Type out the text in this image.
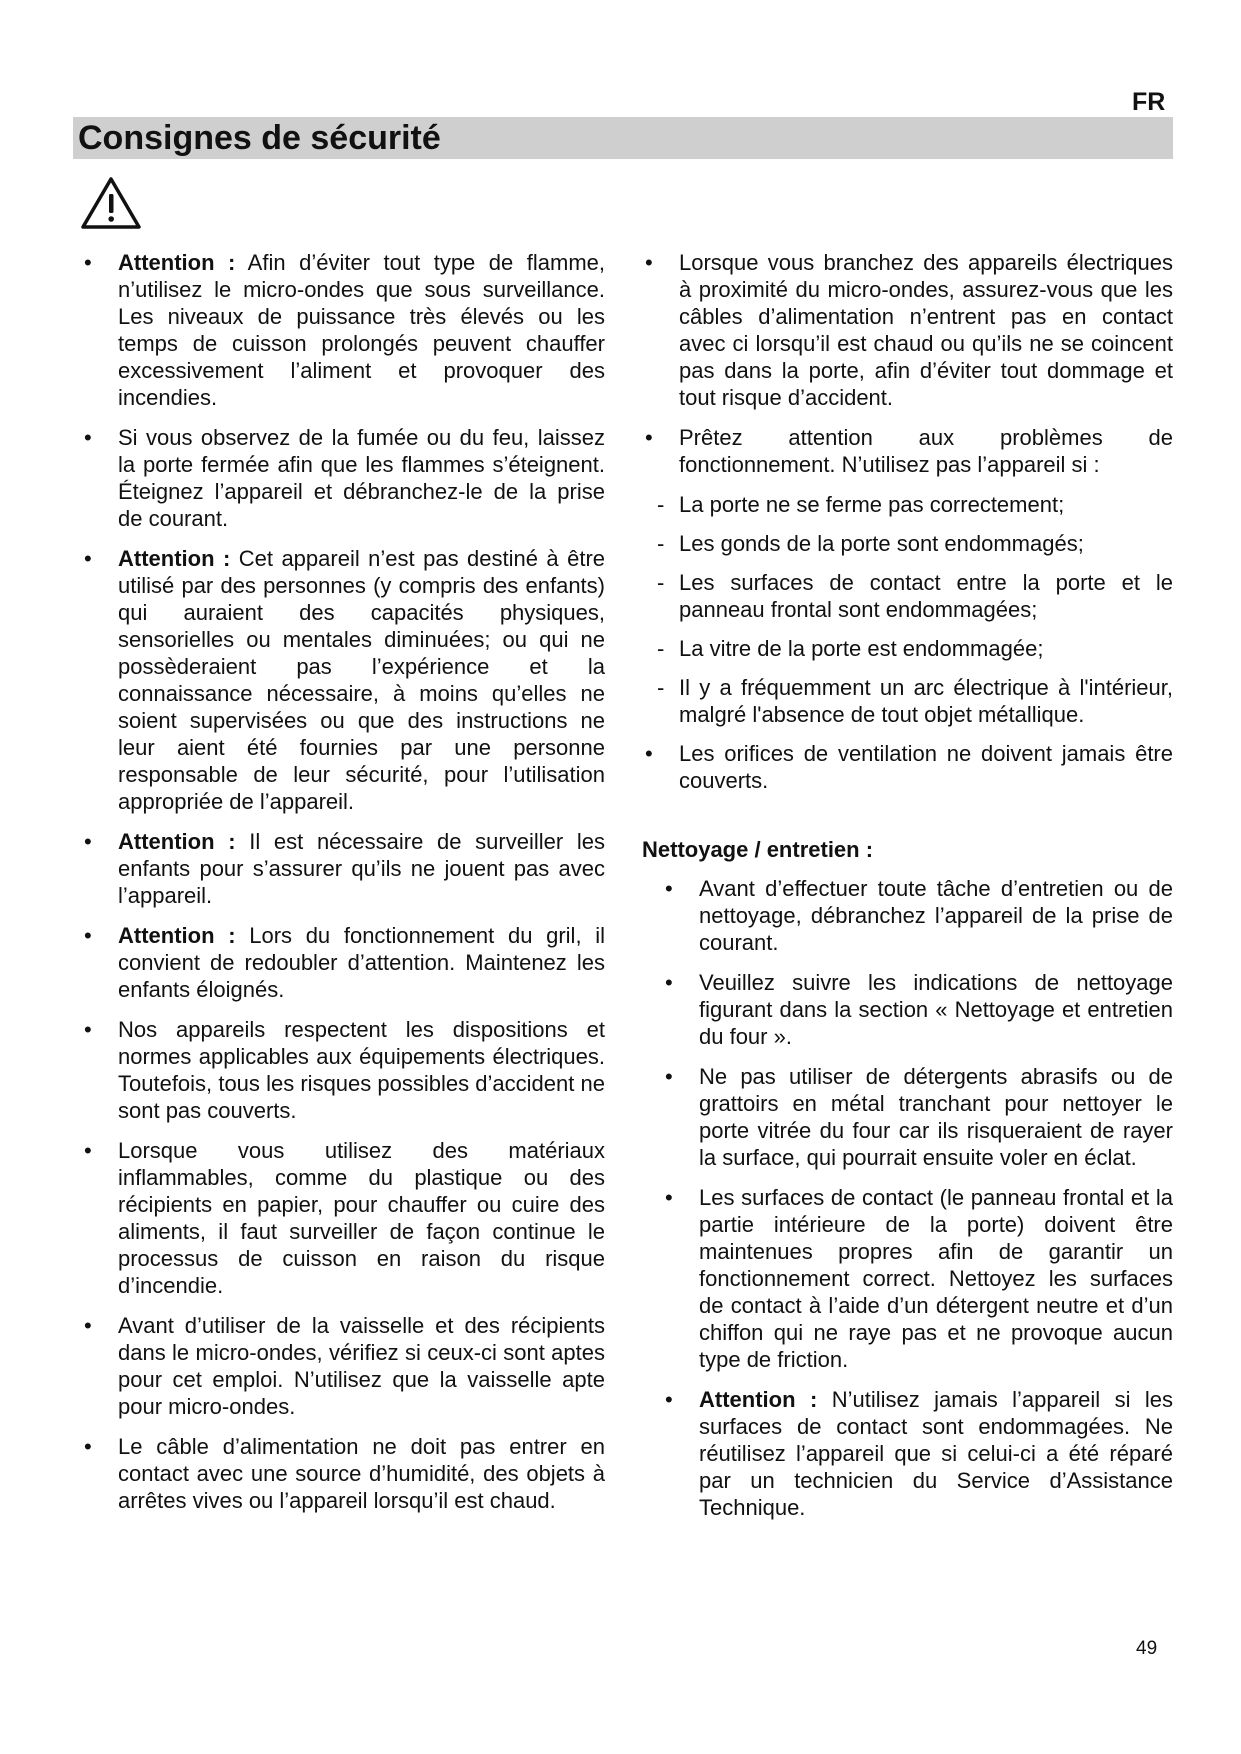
FR
Consignes de sécurité
•	Attention : Afin d’éviter tout type de flamme, n’utilisez le micro-ondes que sous surveillance. Les niveaux de puissance très élevés ou les temps de cuisson prolongés peuvent chauffer excessivement l’aliment et provoquer des incendies.
•	Si vous observez de la fumée ou du feu, laissez la porte fermée afin que les flammes s’éteignent. Éteignez l’appareil et débranchez-le de la prise de courant.
•	Attention : Cet appareil n’est pas destiné à être utilisé par des personnes (y compris des enfants) qui auraient des capacités physiques, sensorielles ou mentales diminuées; ou qui ne possèderaient pas l’expérience et la connaissance nécessaire, à moins qu’elles ne soient supervisées ou que des instructions ne leur aient été fournies par une personne responsable de leur sécurité, pour l’utilisation appropriée de l’appareil.
•	Attention : Il est nécessaire de surveiller les enfants pour s’assurer qu’ils ne jouent pas avec l’appareil.
•	Attention : Lors du fonctionnement du gril, il convient de redoubler d’attention. Maintenez les enfants éloignés.
•	Nos appareils respectent les dispositions et normes applicables aux équipements électriques. Toutefois, tous les risques possibles d’accident ne sont pas couverts.
•	Lorsque vous utilisez des matériaux inflammables, comme du plastique ou des récipients en papier, pour chauffer ou cuire des aliments, il faut surveiller de façon continue le processus de cuisson en raison du risque d’incendie.
•	Avant d’utiliser de la vaisselle et des récipients dans le micro-ondes, vérifiez si ceux-ci sont aptes pour cet emploi. N’utilisez que la vaisselle apte pour micro-ondes.
•	Le câble d’alimentation ne doit pas entrer en contact avec une source d’humidité, des objets à arrêtes vives ou l’appareil lorsqu’il est chaud.
•	Lorsque vous branchez des appareils électriques à proximité du micro-ondes, assurez-vous que les câbles d’alimentation n’entrent pas en contact avec ci lorsqu’il est chaud ou qu’ils ne se coincent pas dans la porte, afin d’éviter tout dommage et tout risque d’accident.
•	Prêtez attention aux problèmes de fonctionnement. N’utilisez pas l’appareil si :
- La porte ne se ferme pas correctement;
- Les gonds de la porte sont endommagés;
- Les surfaces de contact entre la porte et le panneau frontal sont endommagées;
- La vitre de la porte est endommagée;
- Il y a fréquemment un arc électrique à l'intérieur, malgré l'absence de tout objet métallique.
•	Les orifices de ventilation ne doivent jamais être couverts.
Nettoyage / entretien :
•	Avant d’effectuer toute tâche d’entretien ou de nettoyage, débranchez l’appareil de la prise de courant.
•	Veuillez suivre les indications de nettoyage figurant dans la section « Nettoyage et entretien du four ».
•	Ne pas utiliser de détergents abrasifs ou de grattoirs en métal tranchant pour nettoyer le porte vitrée du four car ils risqueraient de rayer la surface, qui pourrait ensuite voler en éclat.
•	Les surfaces de contact (le panneau frontal et la partie intérieure de la porte) doivent être maintenues propres afin de garantir un fonctionnement correct. Nettoyez les surfaces de contact à l’aide d’un détergent neutre et d’un chiffon qui ne raye pas et ne provoque aucun type de friction.
•	Attention : N’utilisez jamais l’appareil si les surfaces de contact sont endommagées. Ne réutilisez l’appareil que si celui-ci a été réparé par un technicien du Service d’Assistance Technique.
49
